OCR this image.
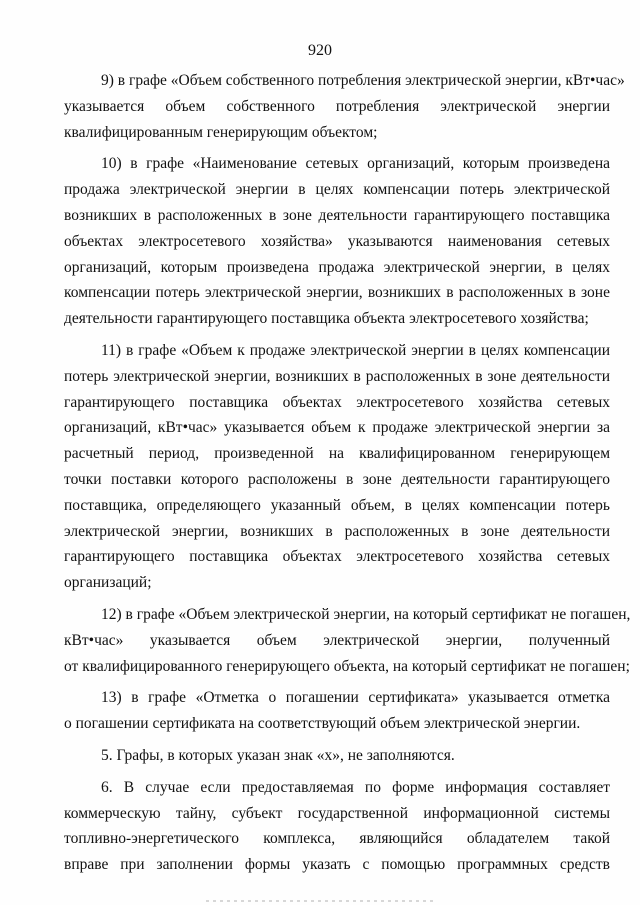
920
9) в графе «Объем собственного потребления электрической энергии, кВт•час»
указывается объем собственного потребления электрической энергии
квалифицированным генерирующим объектом;
10) в графе «Наименование сетевых организаций, которым произведена
продажа электрической энергии в целях компенсации потерь электрической
возникших в расположенных в зоне деятельности гарантирующего поставщика
объектах электросетевого хозяйства» указываются наименования сетевых
организаций, которым произведена продажа электрической энергии, в целях
компенсации потерь электрической энергии, возникших в расположенных в зоне
деятельности гарантирующего поставщика объекта электросетевого хозяйства;
11) в графе «Объем к продаже электрической энергии в целях компенсации
потерь электрической энергии, возникших в расположенных в зоне деятельности
гарантирующего поставщика объектах электросетевого хозяйства сетевых
организаций, кВт•час» указывается объем к продаже электрической энергии за
расчетный период, произведенной на квалифицированном генерирующем
точки поставки которого расположены в зоне деятельности гарантирующего
поставщика, определяющего указанный объем, в целях компенсации потерь
электрической энергии, возникших в расположенных в зоне деятельности
гарантирующего поставщика объектах электросетевого хозяйства сетевых
организаций;
12) в графе «Объем электрической энергии, на который сертификат не погашен,
кВт•час» указывается объем электрической энергии, полученный
от квалифицированного генерирующего объекта, на который сертификат не погашен;
13) в графе «Отметка о погашении сертификата» указывается отметка
о погашении сертификата на соответствующий объем электрической энергии.
5. Графы, в которых указан знак «х», не заполняются.
6. В случае если предоставляемая по форме информация составляет
коммерческую тайну, субъект государственной информационной системы
топливно-энергетического комплекса, являющийся обладателем такой
вправе при заполнении формы указать с помощью программных средств
